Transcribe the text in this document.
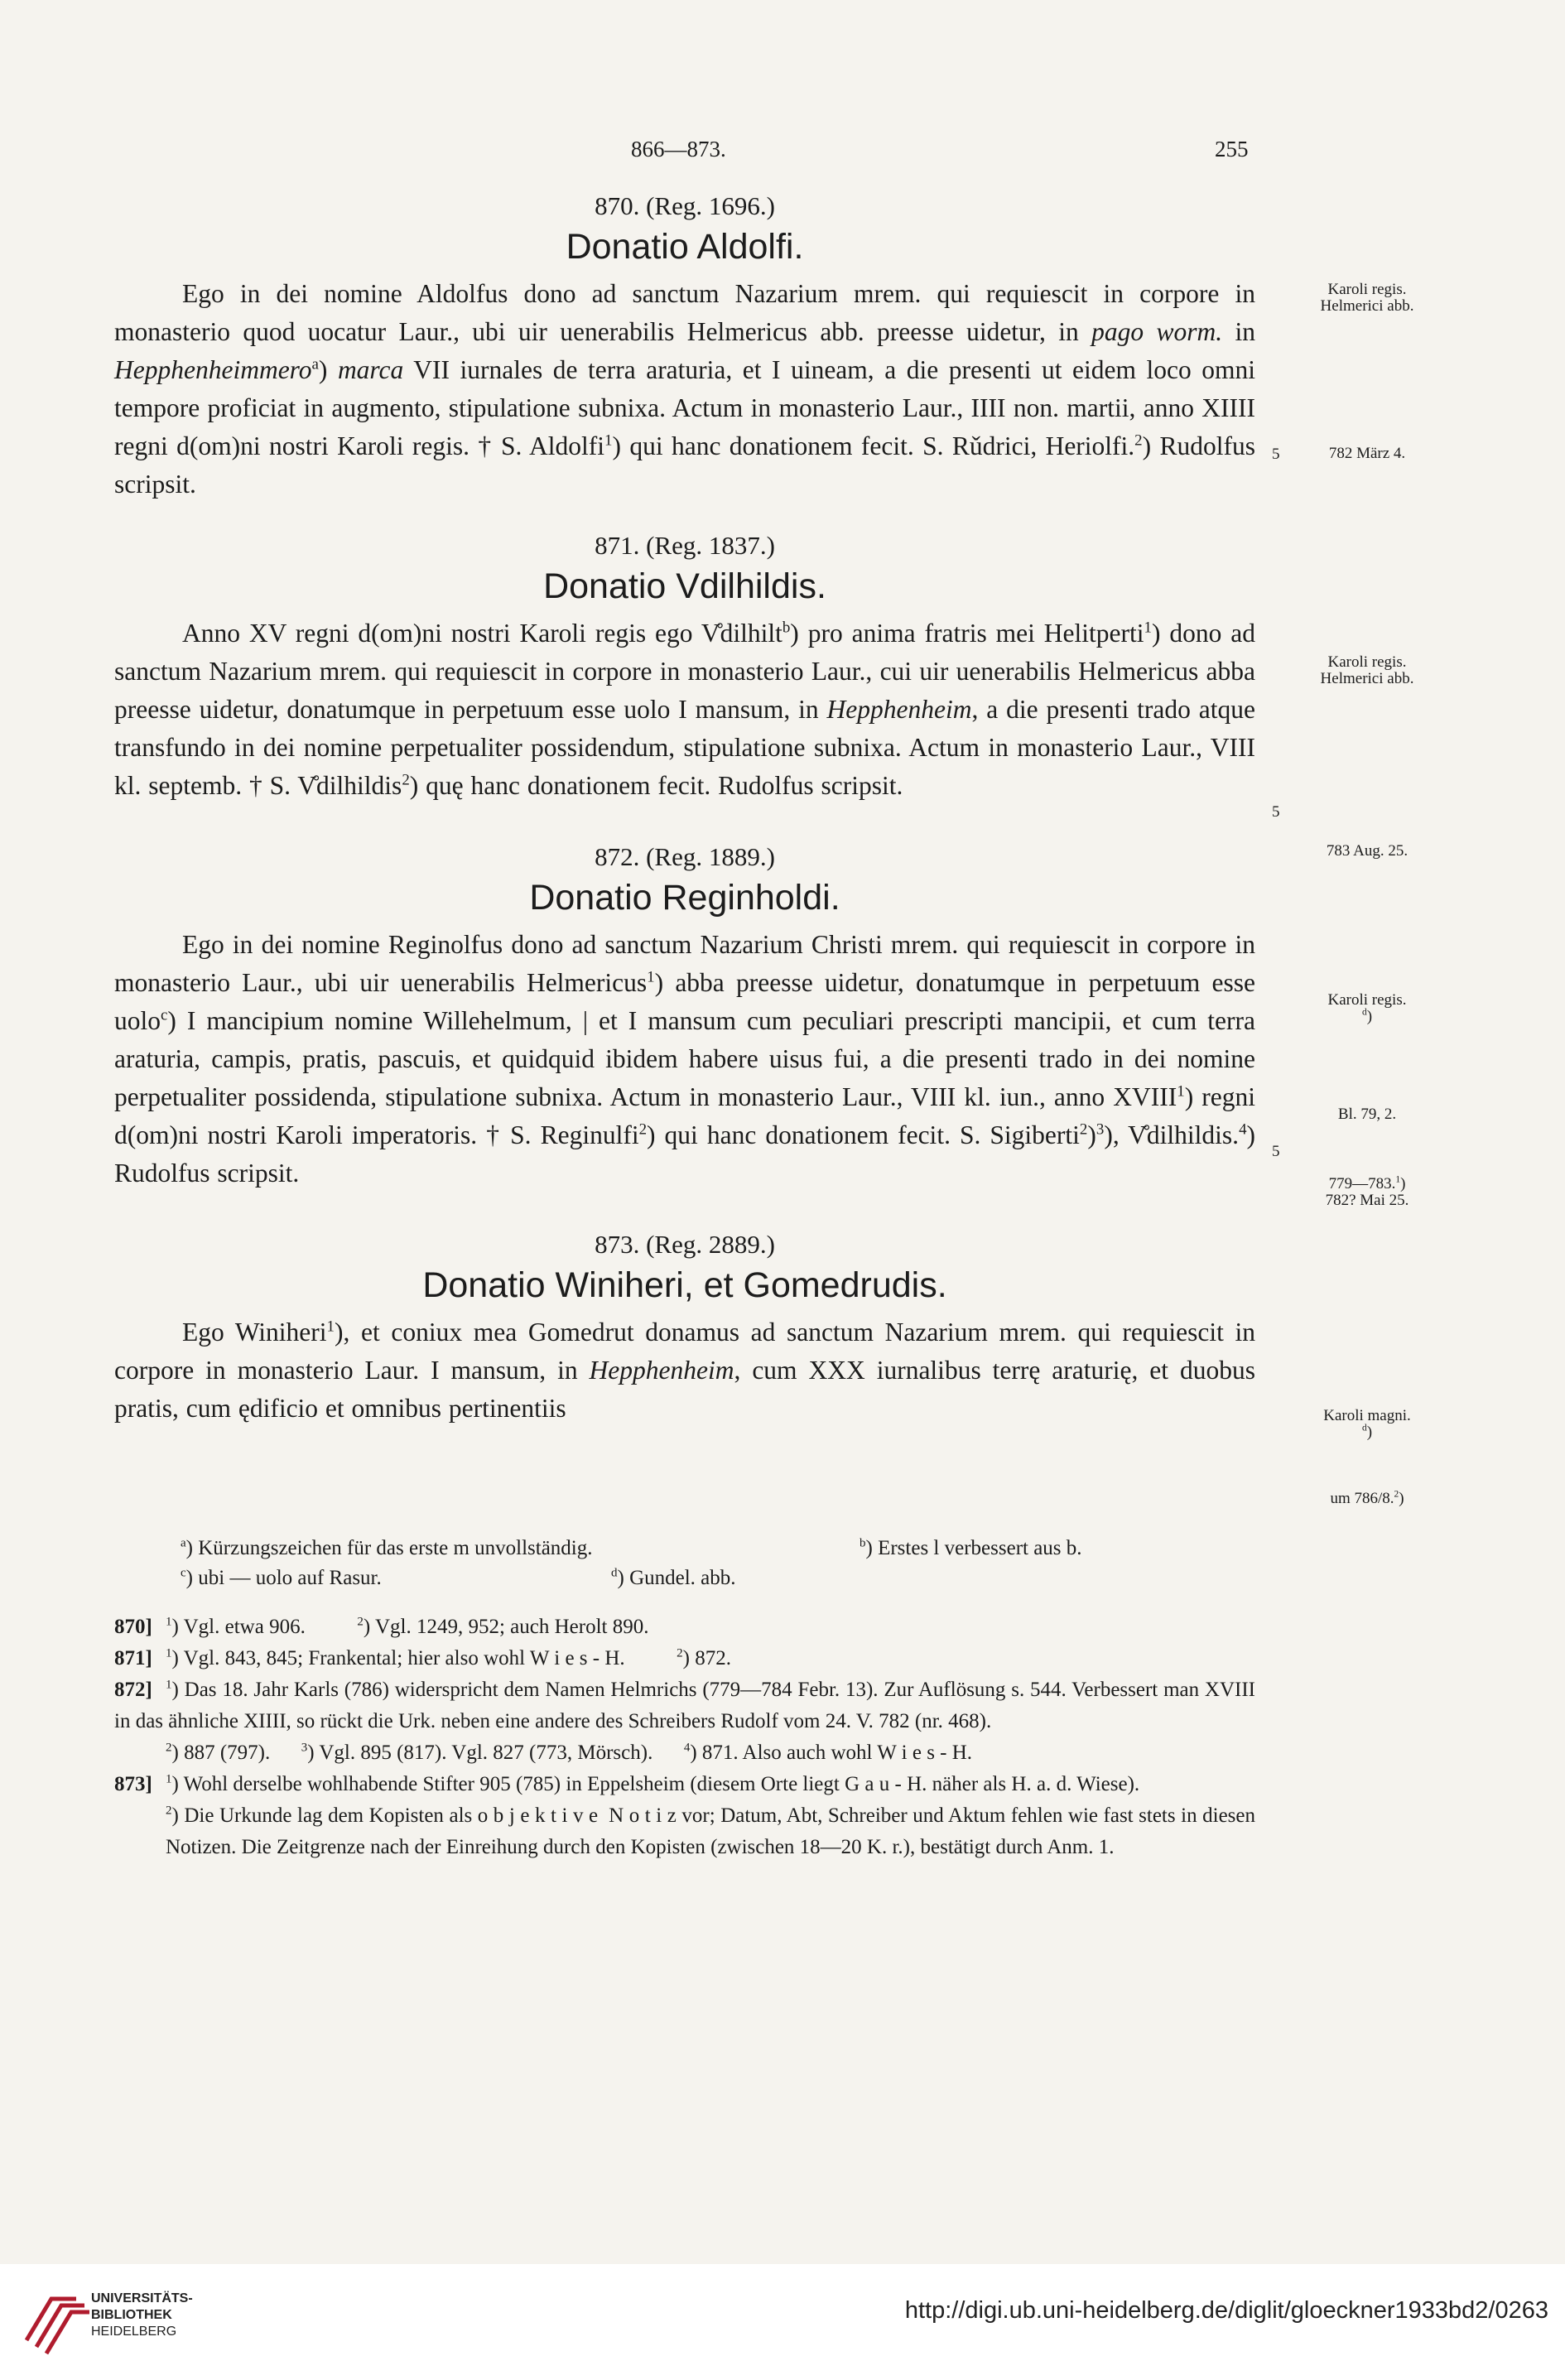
866—873.	255

870. (Reg. 1696.)

Donatio Aldolfi.

Ego in dei nomine Aldolfus dono ad sanctum Nazarium mrem. qui requiescit in corpore in monasterio quod uocatur Laur., ubi uir uenerabilis Helmericus abb. preesse uidetur, in pago worm. in Hepphenheimmero$^a$) marca VII iurnales de terra araturia, et I uineam, a die presenti ut eidem loco omni tempore proficiat in augmento, stipulatione subnixa. Actum in monasterio Laur., IIII non. martii, anno XIIII regni d(om)ni nostri Karoli regis. † S. Aldolfi$^1$) qui hanc donationem fecit. S. Rǔdrici, Heriolfi.$^2$) Rudolfus scripsit.

871. (Reg. 1837.)

Donatio Vdilhildis.

Anno XV regni d(om)ni nostri Karoli regis ego V̊dilhilt$^b$) pro anima fratris mei Helitperti$^1$) dono ad sanctum Nazarium mrem. qui requiescit in corpore in monasterio Laur., cui uir uenerabilis Helmericus abba preesse uidetur, donatumque in perpetuum esse uolo I mansum, in Hepphenheim, a die presenti trado atque transfundo in dei nomine perpetualiter possidendum, stipulatione subnixa. Actum in monasterio Laur., VIII kl. septemb. † S. V̊dilhildis$^2$) quę hanc donationem fecit. Rudolfus scripsit.

872. (Reg. 1889.)

Donatio Reginholdi.

Ego in dei nomine Reginolfus dono ad sanctum Nazarium Christi mrem. qui requiescit in corpore in monasterio Laur., ubi uir uenerabilis Helmericus$^1$) abba preesse uidetur, donatumque in perpetuum esse uolo$^c$) I mancipium nomine Willehelmum, | et I mansum cum peculiari prescripti mancipii, et cum terra araturia, campis, pratis, pascuis, et quidquid ibidem habere uisus fui, a die presenti trado in dei nomine perpetualiter possidenda, stipulatione subnixa. Actum in monasterio Laur., VIII kl. iun., anno XVIII$^1$) regni d(om)ni nostri Karoli imperatoris. † S. Reginulfi$^2$) qui hanc donationem fecit. S. Sigiberti$^2$)$^3$), V̊dilhildis.$^4$) Rudolfus scripsit.

873. (Reg. 2889.)

Donatio Winiheri, et Gomedrudis.

Ego Winiheri$^1$), et coniux mea Gomedrut donamus ad sanctum Nazarium mrem. qui requiescit in corpore in monasterio Laur. I mansum, in Hepphenheim, cum XXX iurnalibus terrę araturię, et duobus pratis, cum ędificio et omnibus pertinentiis

Karoli regis.
Helmerici abb.
782 März 4.
Karoli regis.
Helmerici abb.
783 Aug. 25.
Karoli regis.
$^d$)
Bl. 79, 2.
779—783.$^1$)
782? Mai 25.
Karoli magni.
$^d$)
um 786/8.$^2$)
5
5
5

$^a$) Kürzungszeichen für das erste m unvollständig.	$^b$) Erstes l verbessert aus b.

$^c$) ubi — uolo auf Rasur.	$^d$) Gundel. abb.

870] $^1$) Vgl. etwa 906.          $^2$) Vgl. 1249, 952; auch Herolt 890.

871] $^1$) Vgl. 843, 845; Frankental; hier also wohl W i e s - H.          $^2$) 872.

872] $^1$) Das 18. Jahr Karls (786) widerspricht dem Namen Helmrichs (779—784 Febr. 13). Zur Auflösung s. 544. Verbessert man XVIII in das ähnliche XIIII, so rückt die Urk. neben eine andere des Schreibers Rudolf vom 24. V. 782 (nr. 468).

$^2$) 887 (797).      $^3$) Vgl. 895 (817). Vgl. 827 (773, Mörsch).      $^4$) 871. Also auch wohl W i e s - H.

873] $^1$) Wohl derselbe wohlhabende Stifter 905 (785) in Eppelsheim (diesem Orte liegt G a u - H. näher als H. a. d. Wiese).

$^2$) Die Urkunde lag dem Kopisten als o b j e k t i v e  N o t i z vor; Datum, Abt, Schreiber und Aktum fehlen wie fast stets in diesen Notizen. Die Zeitgrenze nach der Einreihung durch den Kopisten (zwischen 18—20 K. r.), bestätigt durch Anm. 1.

UNIVERSITÄTS-
BIBLIOTHEK
HEIDELBERG
http://digi.ub.uni-heidelberg.de/diglit/gloeckner1933bd2/0263
